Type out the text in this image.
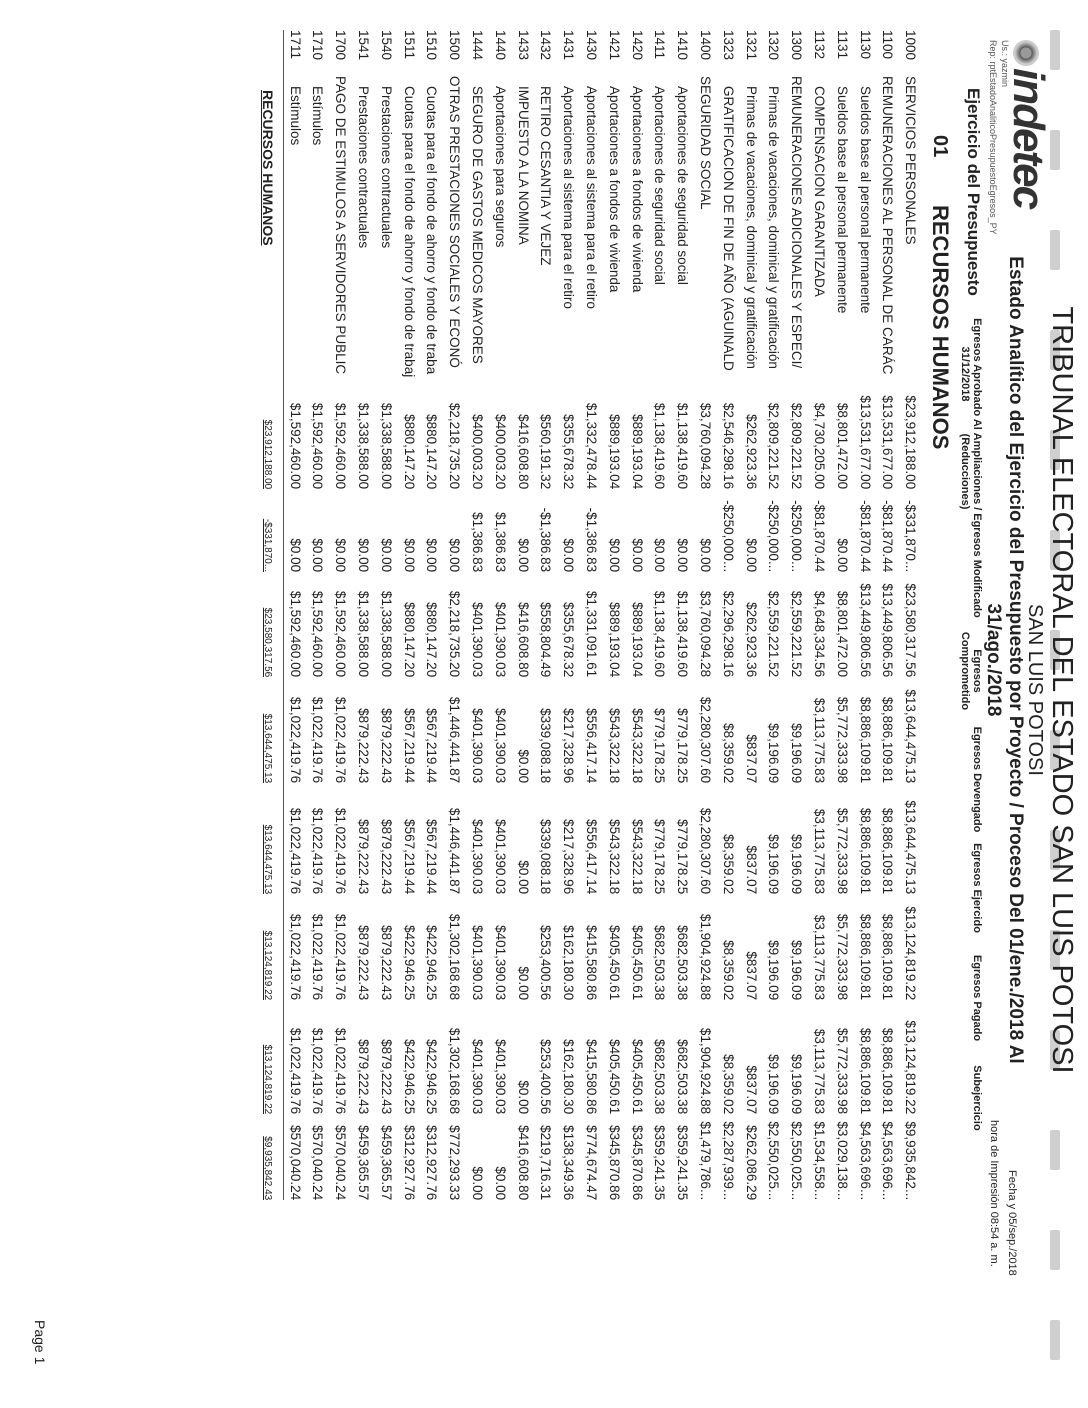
indetec
Us.: yazmin
Rep: rptEstadoAnaliticoPresupuestoEgresos_PY
TRIBUNAL ELECTORAL DEL ESTADO SAN LUIS POTOSI
SAN LUIS POTOSI
Estado Analítico del Ejercicio del Presupuesto por Proyecto / Proceso Del 01/ene./2018 Al 31/ago./2018
Fecha y 05/sep./2018
hora de Impresión 08:54 a. m.
Ejercicio del Presupuesto
Egresos Aprobado Al 31/12/2018
Ampliaciones / (Reducciones)
Egresos Modificado
Egresos Comprometido
Egresos Devengado
Egresos Ejercido
Egresos Pagado
Subejercicio
01
RECURSOS HUMANOS
1000	SERVICIOS PERSONALES	$23,912,188.00	-$331,870...	$23,580,317.56	$13,644,475.13	$13,644,475.13	$13,124,819.22	$13,124,819.22	$9,935,842...
1100	REMUNERACIONES AL PERSONAL DE CARÁC	$13,531,677.00	-$81,870.44	$13,449,806.56	$8,886,109.81	$8,886,109.81	$8,886,109.81	$8,886,109.81	$4,563,696...
1130	Sueldos base al personal permanente	$13,531,677.00	-$81,870.44	$13,449,806.56	$8,886,109.81	$8,886,109.81	$8,886,109.81	$8,886,109.81	$4,563,696...
1131	Sueldos base al personal permanente	$8,801,472.00	$0.00	$8,801,472.00	$5,772,333.98	$5,772,333.98	$5,772,333.98	$5,772,333.98	$3,029,138...
1132	COMPENSACION GARANTIZADA	$4,730,205.00	-$81,870.44	$4,648,334.56	$3,113,775.83	$3,113,775.83	$3,113,775.83	$3,113,775.83	$1,534,558...
1300	REMUNERACIONES ADICIONALES Y ESPECI/	$2,809,221.52	-$250,000...	$2,559,221.52	$9,196.09	$9,196.09	$9,196.09	$9,196.09	$2,550,025...
1320	Primas de vacaciones, dominical y gratificación	$2,809,221.52	-$250,000...	$2,559,221.52	$9,196.09	$9,196.09	$9,196.09	$9,196.09	$2,550,025...
1321	Primas de vacaciones, dominical y gratificación	$262,923.36	$0.00	$262,923.36	$837.07	$837.07	$837.07	$837.07	$262,086.29
1323	GRATIFICACION DE FIN DE AÑO (AGUINALD	$2,546,298.16	-$250,000...	$2,296,298.16	$8,359.02	$8,359.02	$8,359.02	$8,359.02	$2,287,939...
1400	SEGURIDAD SOCIAL	$3,760,094.28	$0.00	$3,760,094.28	$2,280,307.60	$2,280,307.60	$1,904,924.88	$1,904,924.88	$1,479,786...
1410	Aportaciones de seguridad social	$1,138,419.60	$0.00	$1,138,419.60	$779,178.25	$779,178.25	$682,503.38	$682,503.38	$359,241.35
1411	Aportaciones de seguridad social	$1,138,419.60	$0.00	$1,138,419.60	$779,178.25	$779,178.25	$682,503.38	$682,503.38	$359,241.35
1420	Aportaciones a fondos de vivienda	$889,193.04	$0.00	$889,193.04	$543,322.18	$543,322.18	$405,450.61	$405,450.61	$345,870.86
1421	Aportaciones a fondos de vivienda	$889,193.04	$0.00	$889,193.04	$543,322.18	$543,322.18	$405,450.61	$405,450.61	$345,870.86
1430	Aportaciones al sistema para el retiro	$1,332,478.44	-$1,386.83	$1,331,091.61	$556,417.14	$556,417.14	$415,580.86	$415,580.86	$774,674.47
1431	Aportaciones al sistema para el retiro	$355,678.32	$0.00	$355,678.32	$217,328.96	$217,328.96	$162,180.30	$162,180.30	$138,349.36
1432	RETIRO CESANTIA Y VEJEZ	$560,191.32	-$1,386.83	$558,804.49	$339,088.18	$339,088.18	$253,400.56	$253,400.56	$219,716.31
1433	IMPUESTO A LA NOMINA	$416,608.80	$0.00	$416,608.80	$0.00	$0.00	$0.00	$0.00	$416,608.80
1440	Aportaciones para seguros	$400,003.20	$1,386.83	$401,390.03	$401,390.03	$401,390.03	$401,390.03	$401,390.03	$0.00
1444	SEGURO DE GASTOS MEDICOS MAYORES	$400,003.20	$1,386.83	$401,390.03	$401,390.03	$401,390.03	$401,390.03	$401,390.03	$0.00
1500	OTRAS PRESTACIONES SOCIALES Y ECONÓ	$2,218,735.20	$0.00	$2,218,735.20	$1,446,441.87	$1,446,441.87	$1,302,168.68	$1,302,168.68	$772,293.33
1510	Cuotas para el fondo de ahorro y fondo de traba	$880,147.20	$0.00	$880,147.20	$567,219.44	$567,219.44	$422,946.25	$422,946.25	$312,927.76
1511	Cuotas para el fondo de ahorro y fondo de trabaj	$880,147.20	$0.00	$880,147.20	$567,219.44	$567,219.44	$422,946.25	$422,946.25	$312,927.76
1540	Prestaciones contractuales	$1,338,588.00	$0.00	$1,338,588.00	$879,222.43	$879,222.43	$879,222.43	$879,222.43	$459,365.57
1541	Prestaciones contractuales	$1,338,588.00	$0.00	$1,338,588.00	$879,222.43	$879,222.43	$879,222.43	$879,222.43	$459,365.57
1700	PAGO DE ESTIMULOS A SERVIDORES PUBLIC	$1,592,460.00	$0.00	$1,592,460.00	$1,022,419.76	$1,022,419.76	$1,022,419.76	$1,022,419.76	$570,040.24
1710	Estímulos	$1,592,460.00	$0.00	$1,592,460.00	$1,022,419.76	$1,022,419.76	$1,022,419.76	$1,022,419.76	$570,040.24
1711	Estímulos	$1,592,460.00	$0.00	$1,592,460.00	$1,022,419.76	$1,022,419.76	$1,022,419.76	$1,022,419.76	$570,040.24
	RECURSOS HUMANOS	$23,912,188.00	-$331,870...	$23,580,317.56	$13,644,475.13	$13,644,475.13	$13,124,819.22	$13,124,819.22	$9,935,842.43
Page 1
